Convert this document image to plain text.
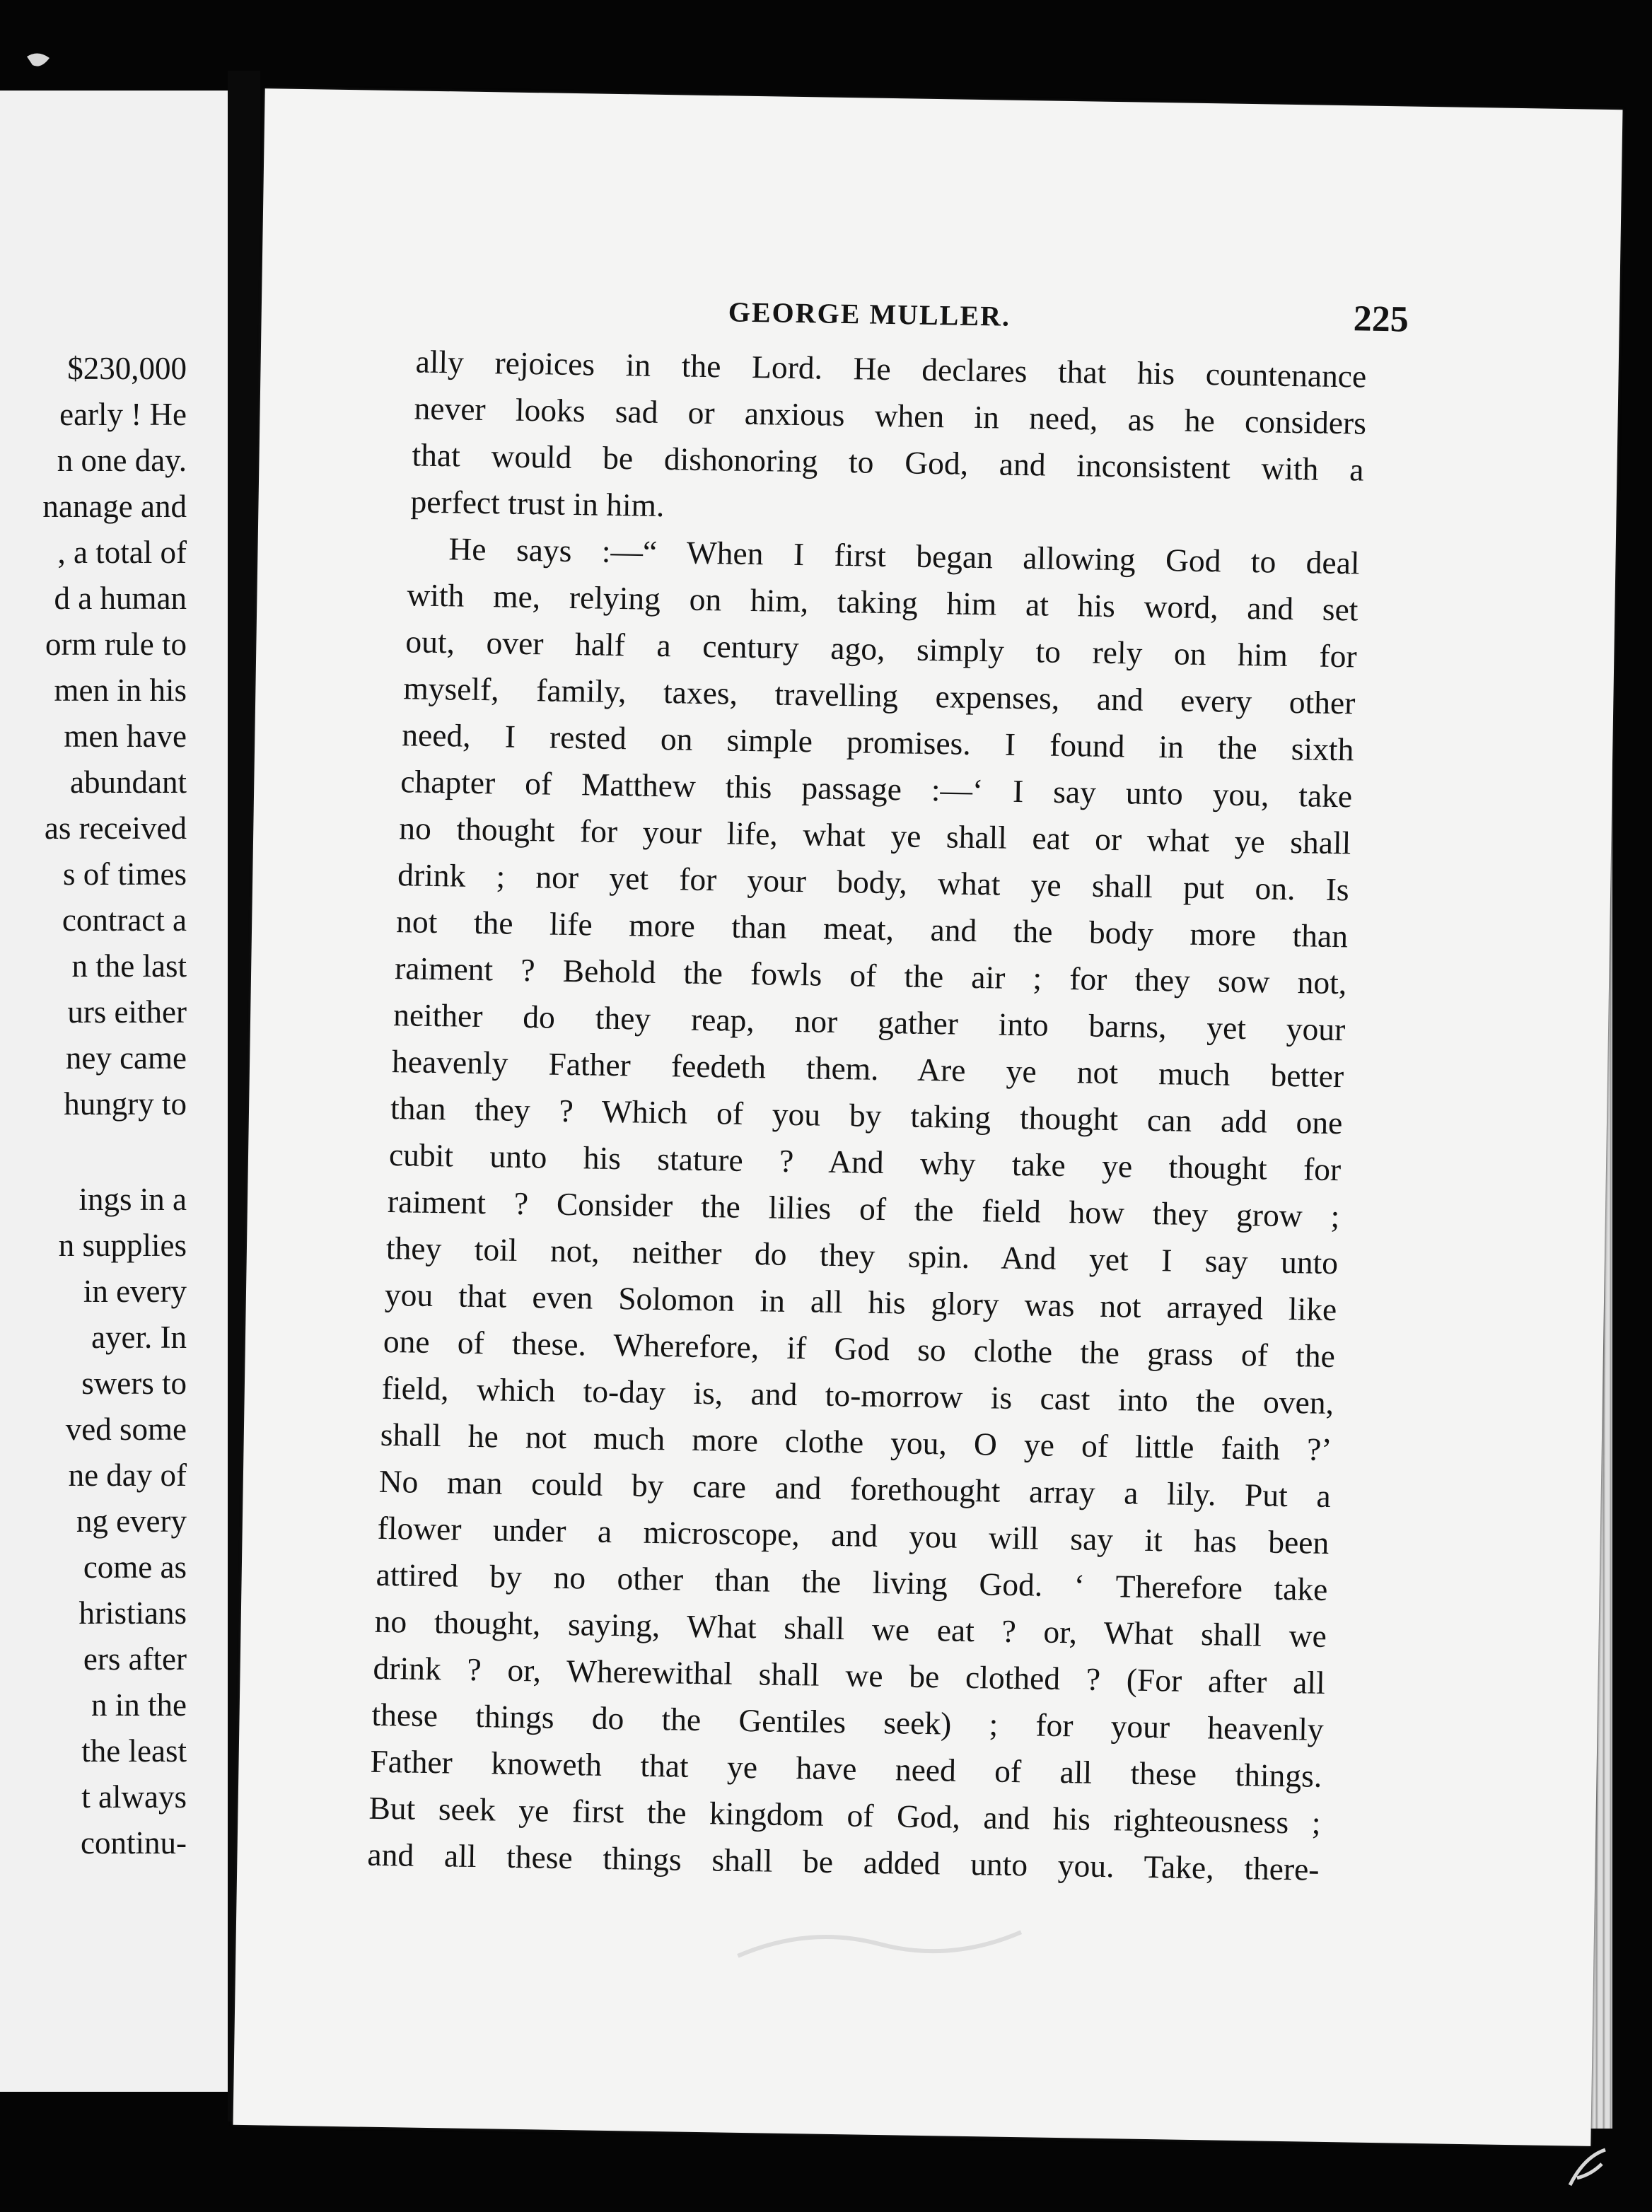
$230,000
early ! He
n one day.
nanage and
, a total of
d a human
orm rule to
men in his
men have
abundant
as received
s of times
contract a
n the last
urs either
ney came
hungry to
ings in a
n supplies
in every
ayer. In
swers to
ved some
ne day of
ng every
come as
hristians
ers after
n in the
the least
t always
continu-
GEORGE MULLER.	225
ally rejoices in the Lord. He declares that his countenance
never looks sad or anxious when in need, as he considers
that would be dishonoring to God, and inconsistent with a
perfect trust in him.
He says :—“ When I first began allowing God to deal
with me, relying on him, taking him at his word, and set
out, over half a century ago, simply to rely on him for
myself, family, taxes, travelling expenses, and every other
need, I rested on simple promises. I found in the sixth
chapter of Matthew this passage :—‘ I say unto you, take
no thought for your life, what ye shall eat or what ye shall
drink ; nor yet for your body, what ye shall put on. Is
not the life more than meat, and the body more than
raiment ? Behold the fowls of the air ; for they sow not,
neither do they reap, nor gather into barns, yet your
heavenly Father feedeth them. Are ye not much better
than they ? Which of you by taking thought can add one
cubit unto his stature ? And why take ye thought for
raiment ? Consider the lilies of the field how they grow ;
they toil not, neither do they spin. And yet I say unto
you that even Solomon in all his glory was not arrayed like
one of these. Wherefore, if God so clothe the grass of the
field, which to-day is, and to-morrow is cast into the oven,
shall he not much more clothe you, O ye of little faith ?’
No man could by care and forethought array a lily. Put a
flower under a microscope, and you will say it has been
attired by no other than the living God. ‘ Therefore take
no thought, saying, What shall we eat ? or, What shall we
drink ? or, Wherewithal shall we be clothed ? (For after all
these things do the Gentiles seek) ; for your heavenly
Father knoweth that ye have need of all these things.
But seek ye first the kingdom of God, and his righteousness ;
and all these things shall be added unto you. Take, there-
